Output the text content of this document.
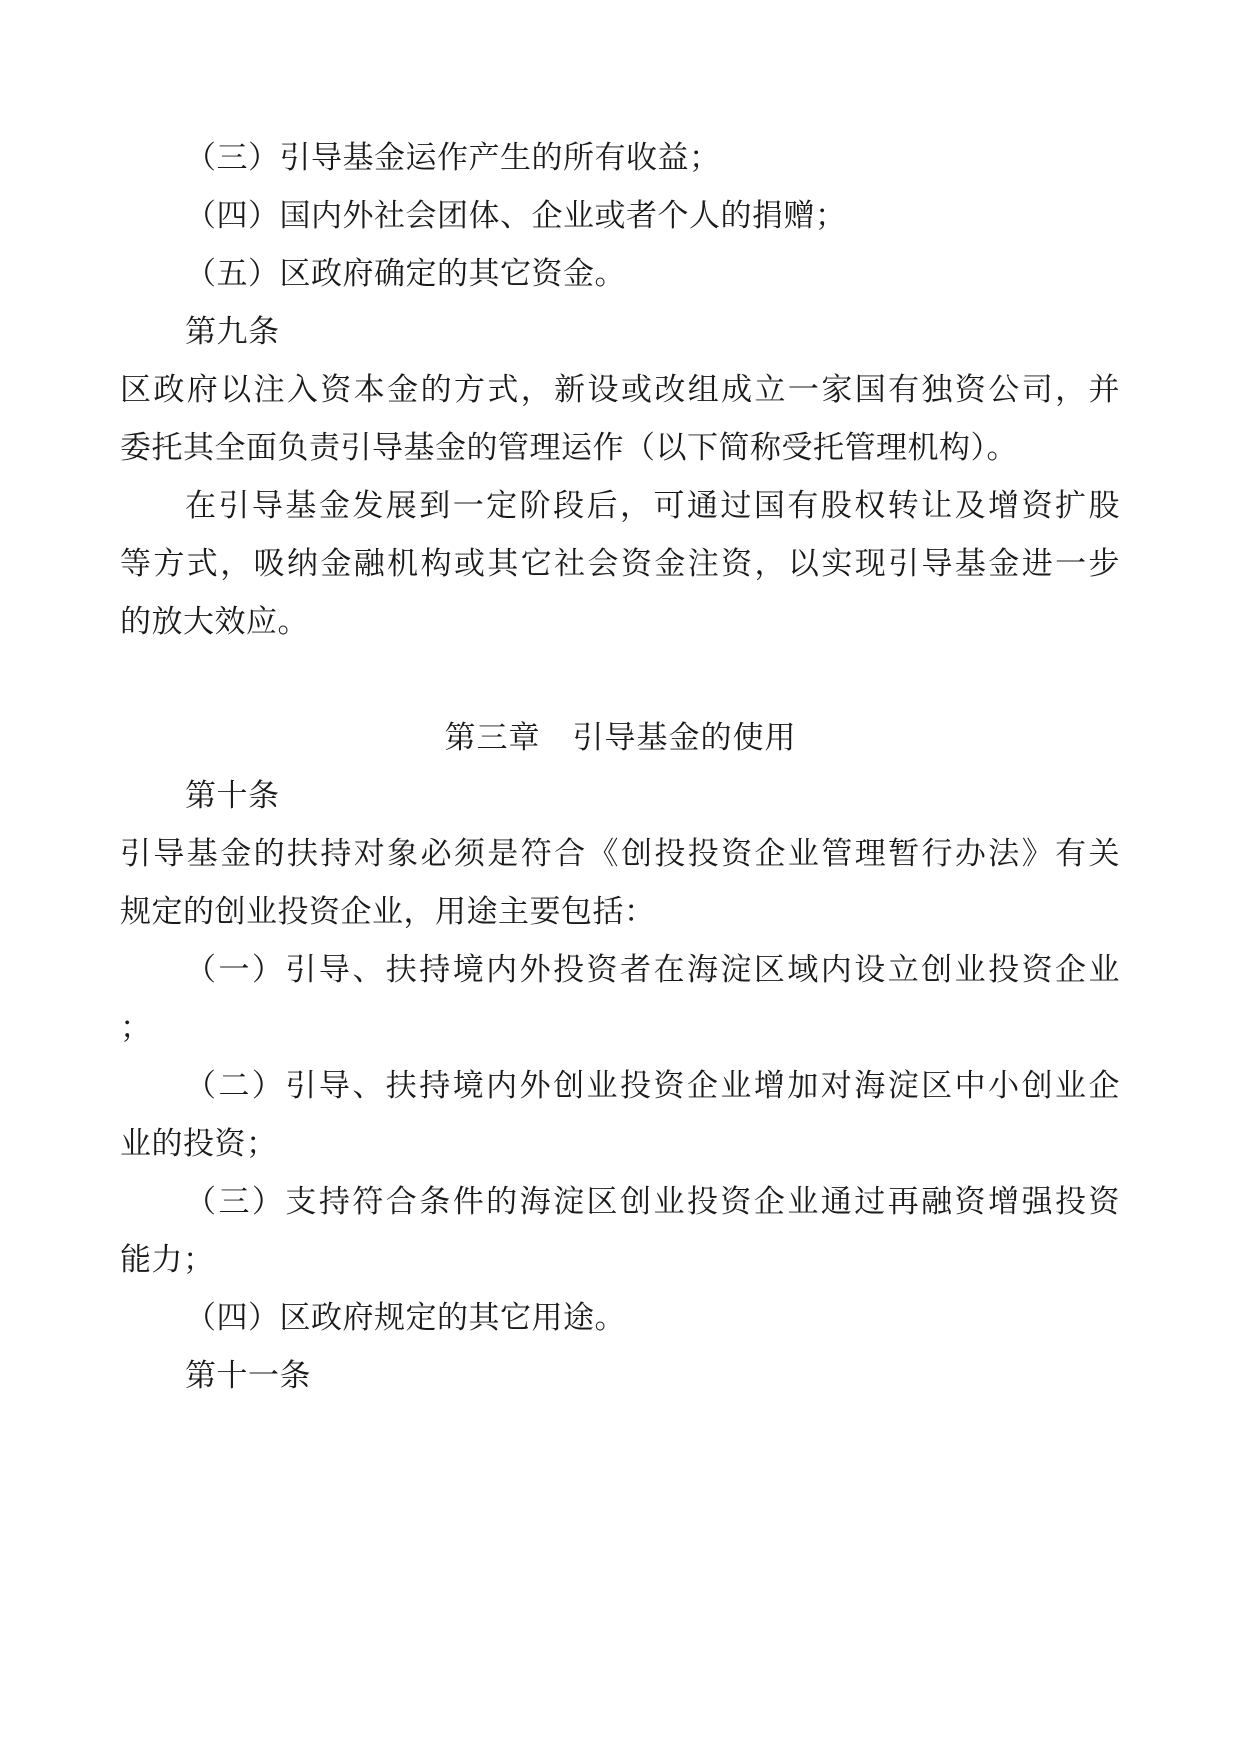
（三）引导基金运作产生的所有收益；
（四）国内外社会团体、企业或者个人的捐赠；
（五）区政府确定的其它资金。
第九条
区政府以注入资本金的方式，新设或改组成立一家国有独资公司，并
委托其全面负责引导基金的管理运作（以下简称受托管理机构）。
在引导基金发展到一定阶段后，可通过国有股权转让及增资扩股
等方式，吸纳金融机构或其它社会资金注资，以实现引导基金进一步
的放大效应。
第三章　引导基金的使用
第十条
引导基金的扶持对象必须是符合《创投投资企业管理暂行办法》有关
规定的创业投资企业，用途主要包括：
（一）引导、扶持境内外投资者在海淀区域内设立创业投资企业
；
（二）引导、扶持境内外创业投资企业增加对海淀区中小创业企
业的投资；
（三）支持符合条件的海淀区创业投资企业通过再融资增强投资
能力；
（四）区政府规定的其它用途。
第十一条
